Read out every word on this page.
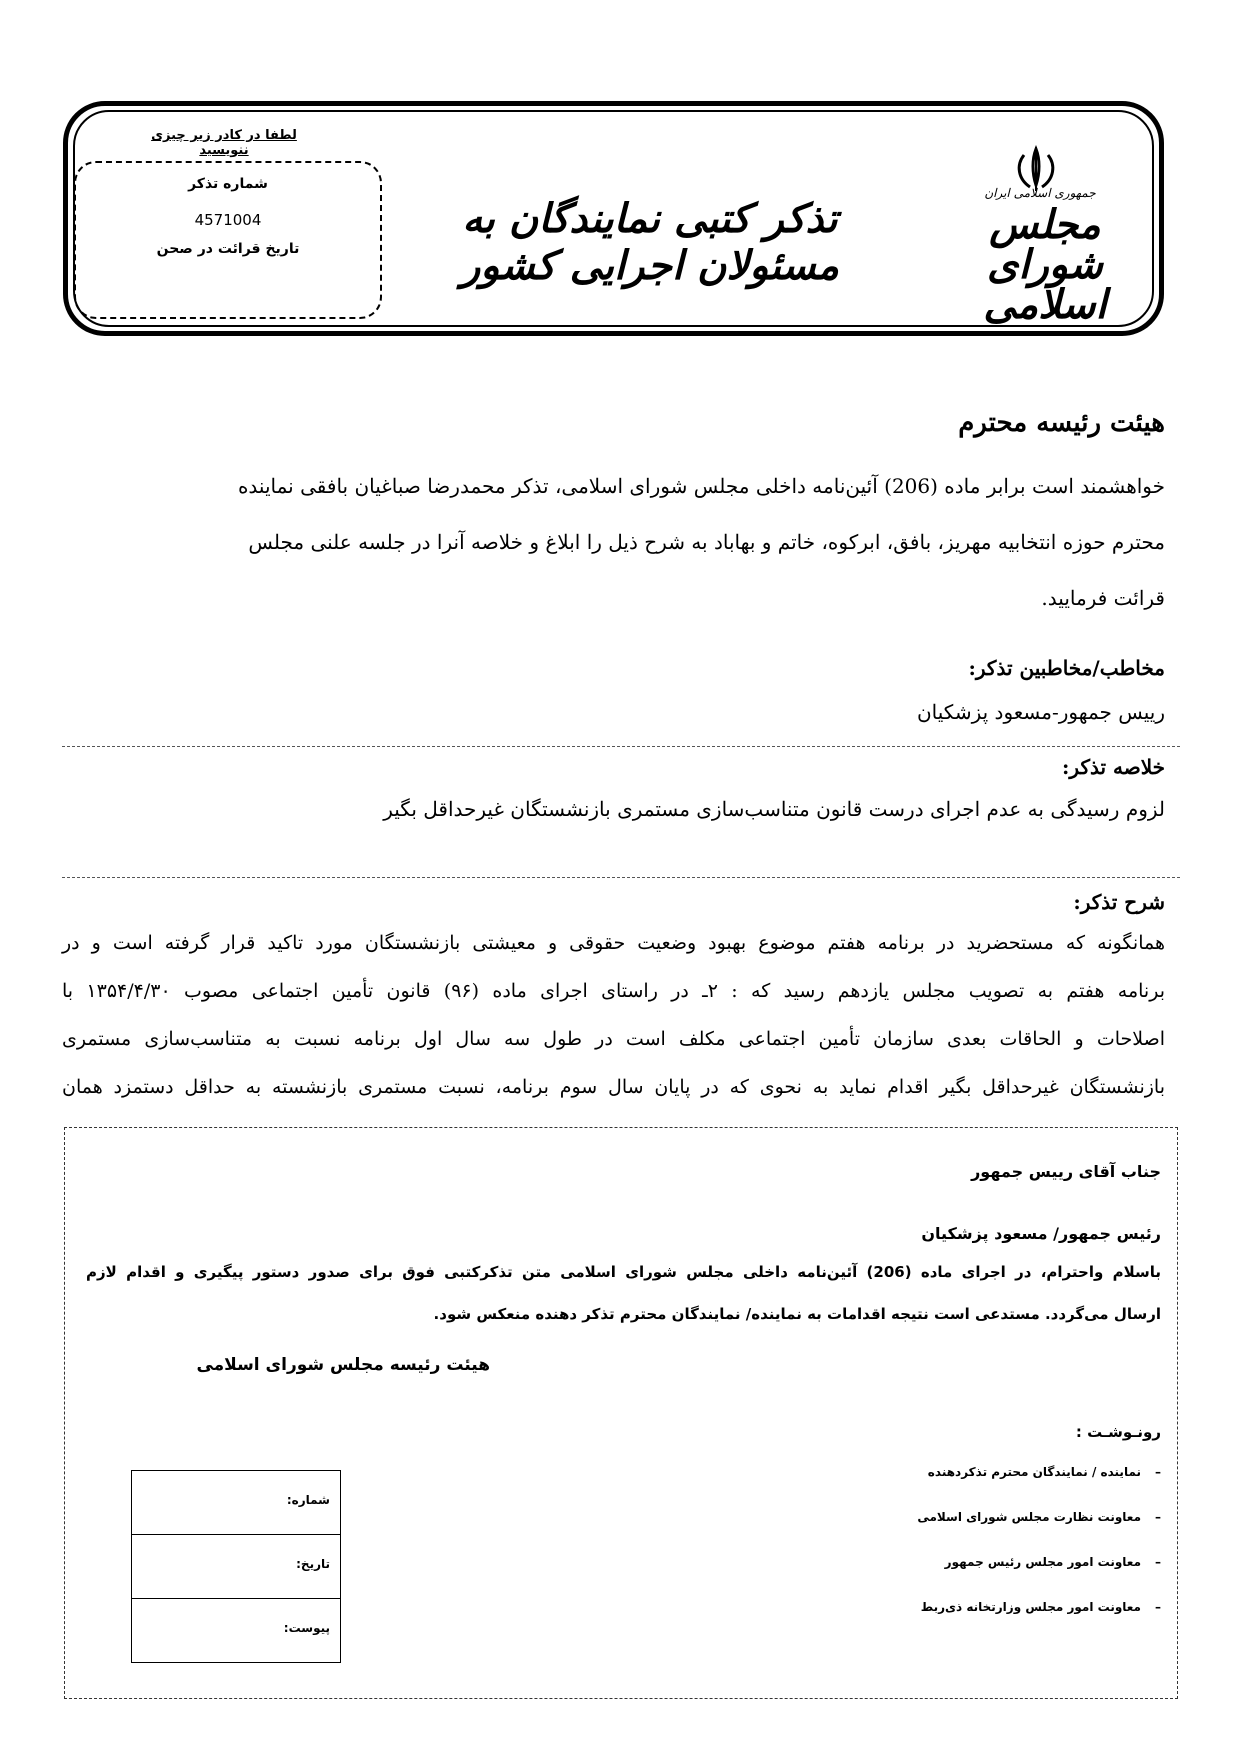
لطفا در کادر زیر چیزی ننویسید
شماره تذکر
4571004
تاریخ قرائت در صحن
تذکر کتبی نمایندگان به مسئولان اجرایی کشور
جمهوری اسلامی ایران
مجلس شورای اسلامی
هیئت رئیسه محترم
خواهشمند است برابر ماده (206) آئین‌نامه داخلی مجلس شورای اسلامی، تذکر محمدرضا صباغیان بافقی نماینده
محترم حوزه انتخابیه مهریز، بافق، ابرکوه، خاتم و بهاباد به شرح ذیل را ابلاغ و خلاصه آنرا در جلسه علنی مجلس
قرائت فرمایید.
مخاطب/مخاطبین تذکر:
رییس جمهور-مسعود پزشکیان
خلاصه تذکر:
لزوم رسیدگی به عدم اجرای درست قانون متناسب‌سازی مستمری بازنشستگان غیرحداقل بگیر
شرح تذکر:
همانگونه که مستحضرید در برنامه هفتم موضوع بهبود وضعیت حقوقی و معیشتی بازنشستگان مورد تاکید قرار گرفته است و در
برنامه هفتم به تصویب مجلس یازدهم رسید که : ۲ـ در راستای اجرای ماده (۹۶) قانون تأمین اجتماعی مصوب ۱۳۵۴/۴/۳۰ با
اصلاحات و الحاقات بعدی سازمان تأمین اجتماعی مکلف است در طول سه سال اول برنامه نسبت به متناسب‌سازی مستمری
بازنشستگان غیرحداقل بگیر اقدام نماید به نحوی که در پایان سال سوم برنامه، نسبت مستمری بازنشسته به حداقل دستمزد همان
جناب آقای رییس جمهور
رئیس جمهور/ مسعود پزشکیان
باسلام واحترام، در اجرای ماده (206) آئین‌نامه داخلی مجلس شورای اسلامی متن تذکرکتبی فوق برای صدور دستور پیگیری و اقدام لازم
ارسال می‌گردد. مستدعی است نتیجه اقدامات به نماینده/ نمایندگان محترم تذکر دهنده منعکس شود.
هیئت رئیسه مجلس شورای اسلامی
رونـوشـت :
–
نماینده / نمایندگان محترم تذکردهنده
–
معاونت نظارت مجلس شورای اسلامی
–
معاونت امور مجلس رئیس جمهور
–
معاونت امور مجلس وزارتخانه ذی‌ربط
شماره:
تاریخ:
پیوست:
